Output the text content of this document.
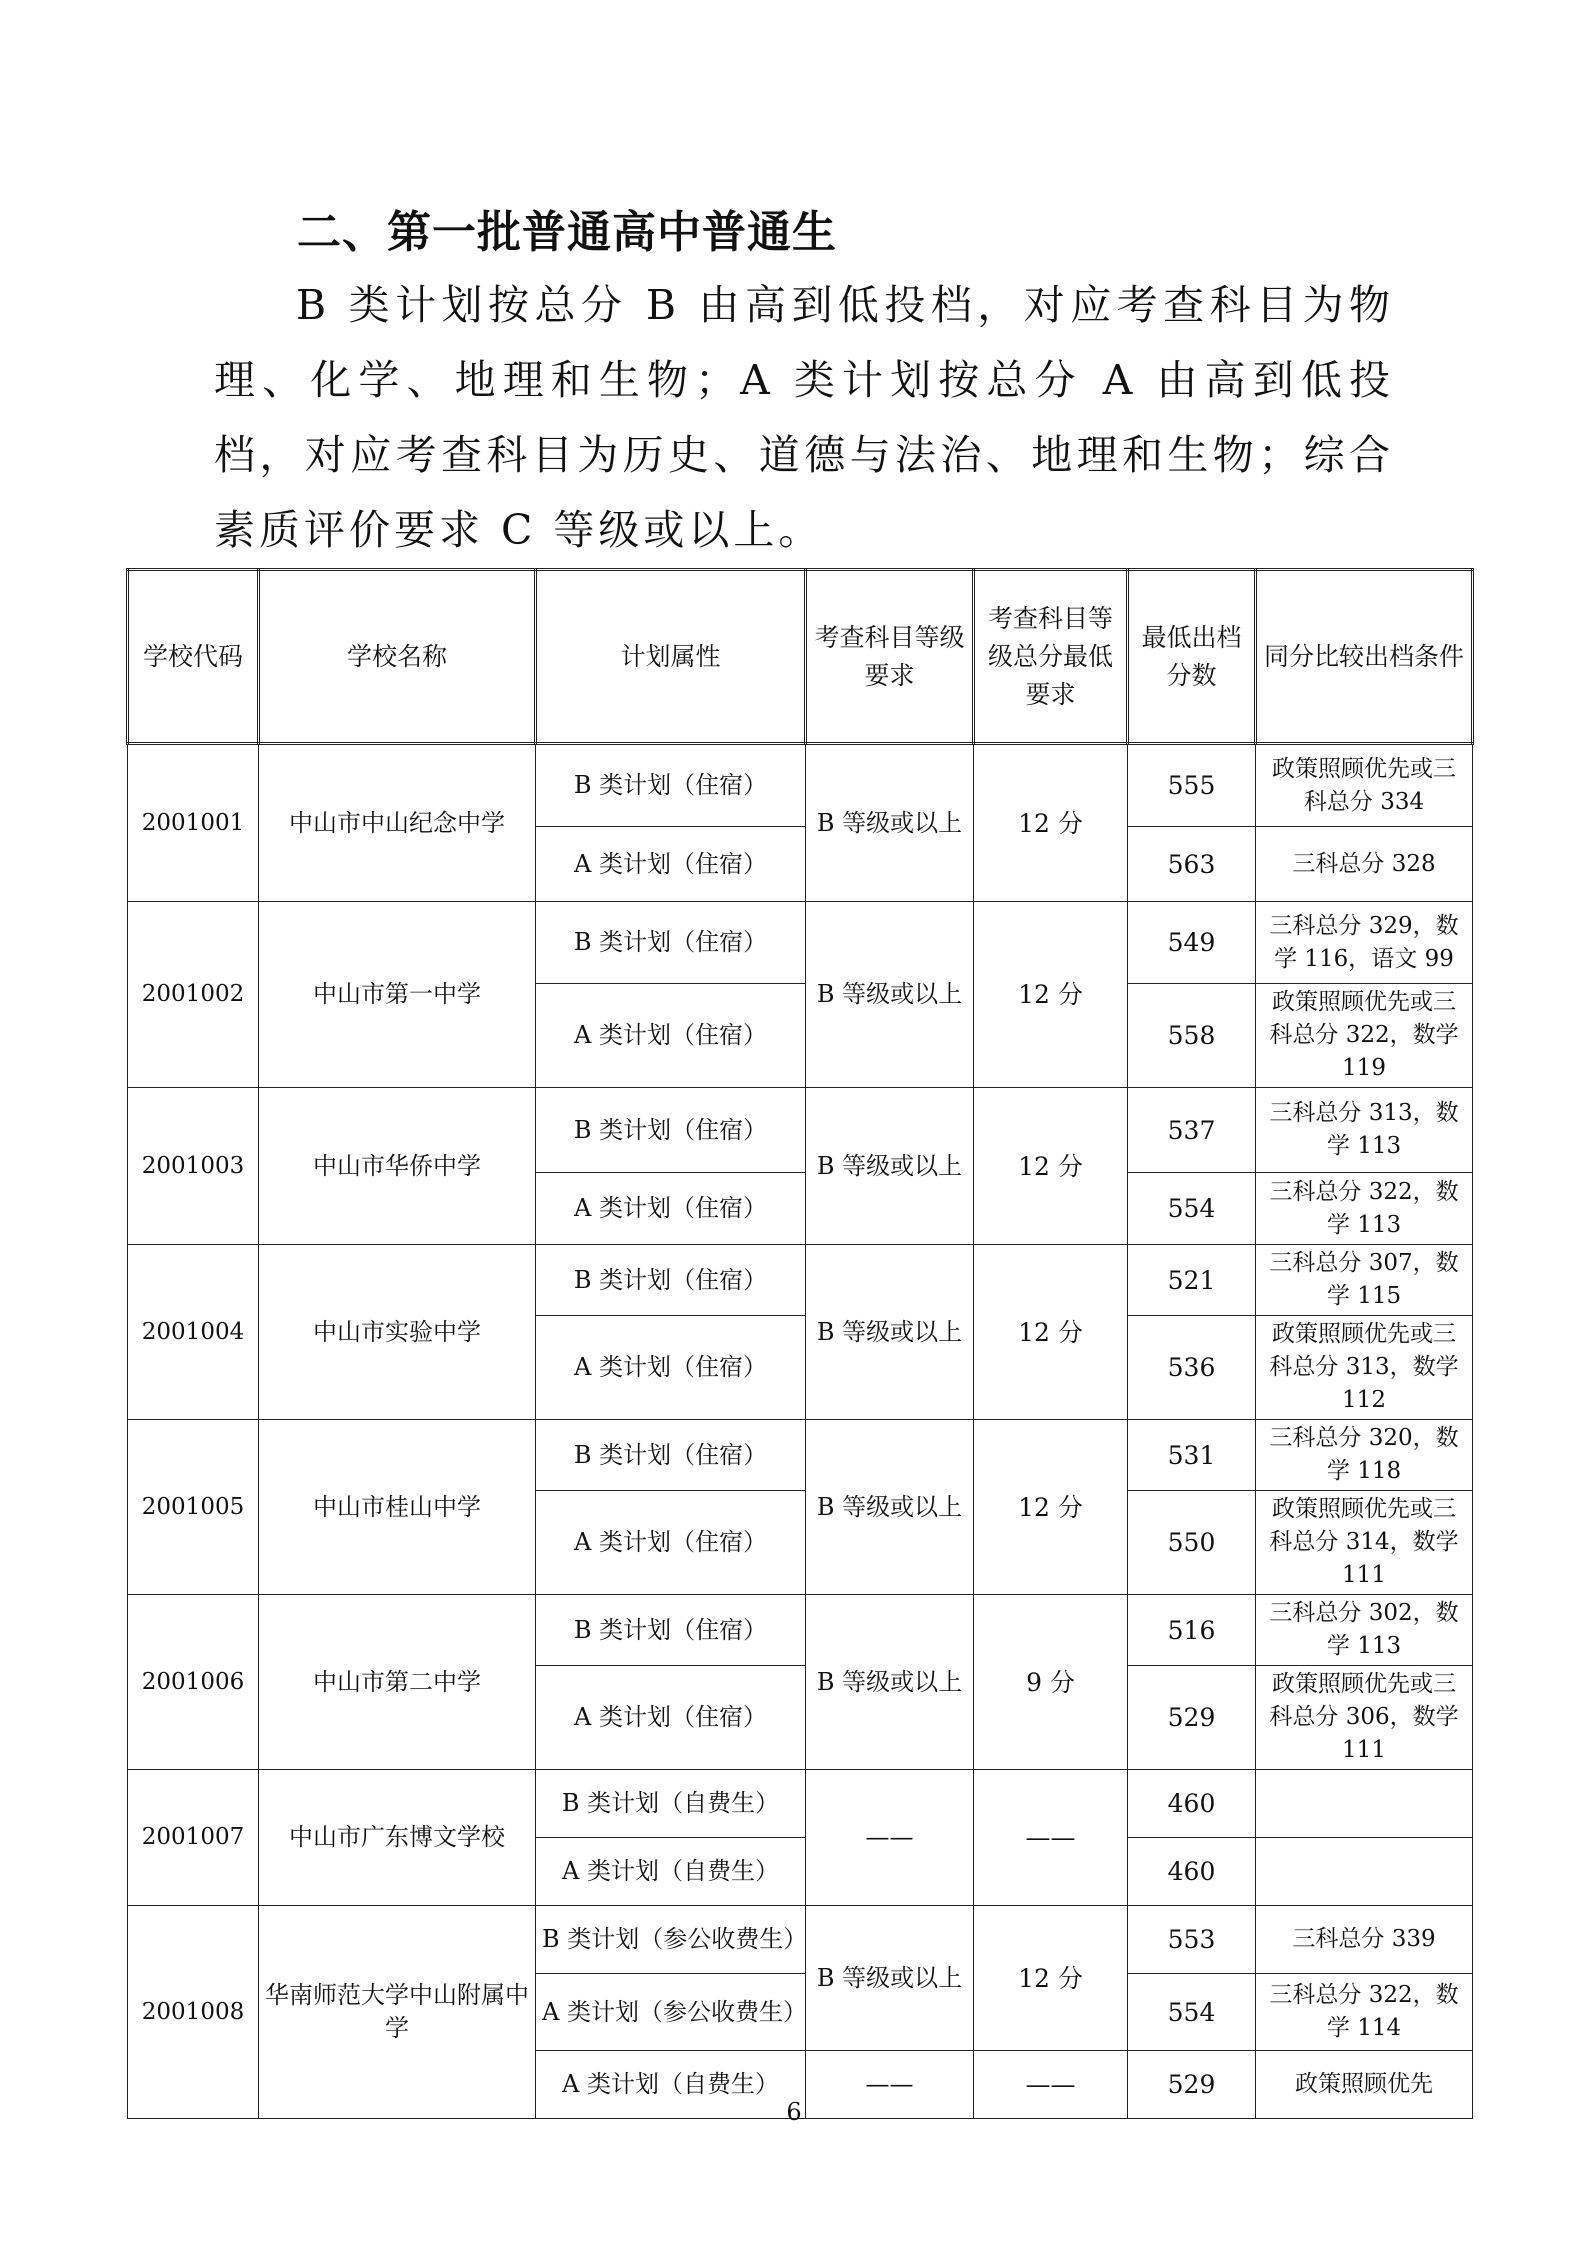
二、第一批普通高中普通生
B 类计划按总分 B 由高到低投档，对应考查科目为物理、化学、地理和生物；A 类计划按总分 A 由高到低投档，对应考查科目为历史、道德与法治、地理和生物；综合素质评价要求 C 等级或以上。
学校代码	学校名称	计划属性	考查科目等级要求	考查科目等级总分最低要求	最低出档分数	同分比较出档条件
2001001	中山市中山纪念中学	B 类计划（住宿）	B 等级或以上	12 分	555	政策照顾优先或三科总分 334
		A 类计划（住宿）			563	三科总分 328
2001002	中山市第一中学	B 类计划（住宿）	B 等级或以上	12 分	549	三科总分 329，数学 116，语文 99
		A 类计划（住宿）			558	政策照顾优先或三科总分 322，数学 119
2001003	中山市华侨中学	B 类计划（住宿）	B 等级或以上	12 分	537	三科总分 313，数学 113
		A 类计划（住宿）			554	三科总分 322，数学 113
2001004	中山市实验中学	B 类计划（住宿）	B 等级或以上	12 分	521	三科总分 307，数学 115
		A 类计划（住宿）			536	政策照顾优先或三科总分 313，数学 112
2001005	中山市桂山中学	B 类计划（住宿）	B 等级或以上	12 分	531	三科总分 320，数学 118
		A 类计划（住宿）			550	政策照顾优先或三科总分 314，数学 111
2001006	中山市第二中学	B 类计划（住宿）	B 等级或以上	9 分	516	三科总分 302，数学 113
		A 类计划（住宿）			529	政策照顾优先或三科总分 306，数学 111
2001007	中山市广东博文学校	B 类计划（自费生）	——	——	460	
		A 类计划（自费生）			460	
2001008	华南师范大学中山附属中学	B 类计划（参公收费生）	B 等级或以上	12 分	553	三科总分 339
		A 类计划（参公收费生）			554	三科总分 322，数学 114
		A 类计划（自费生）	——	——	529	政策照顾优先
6
